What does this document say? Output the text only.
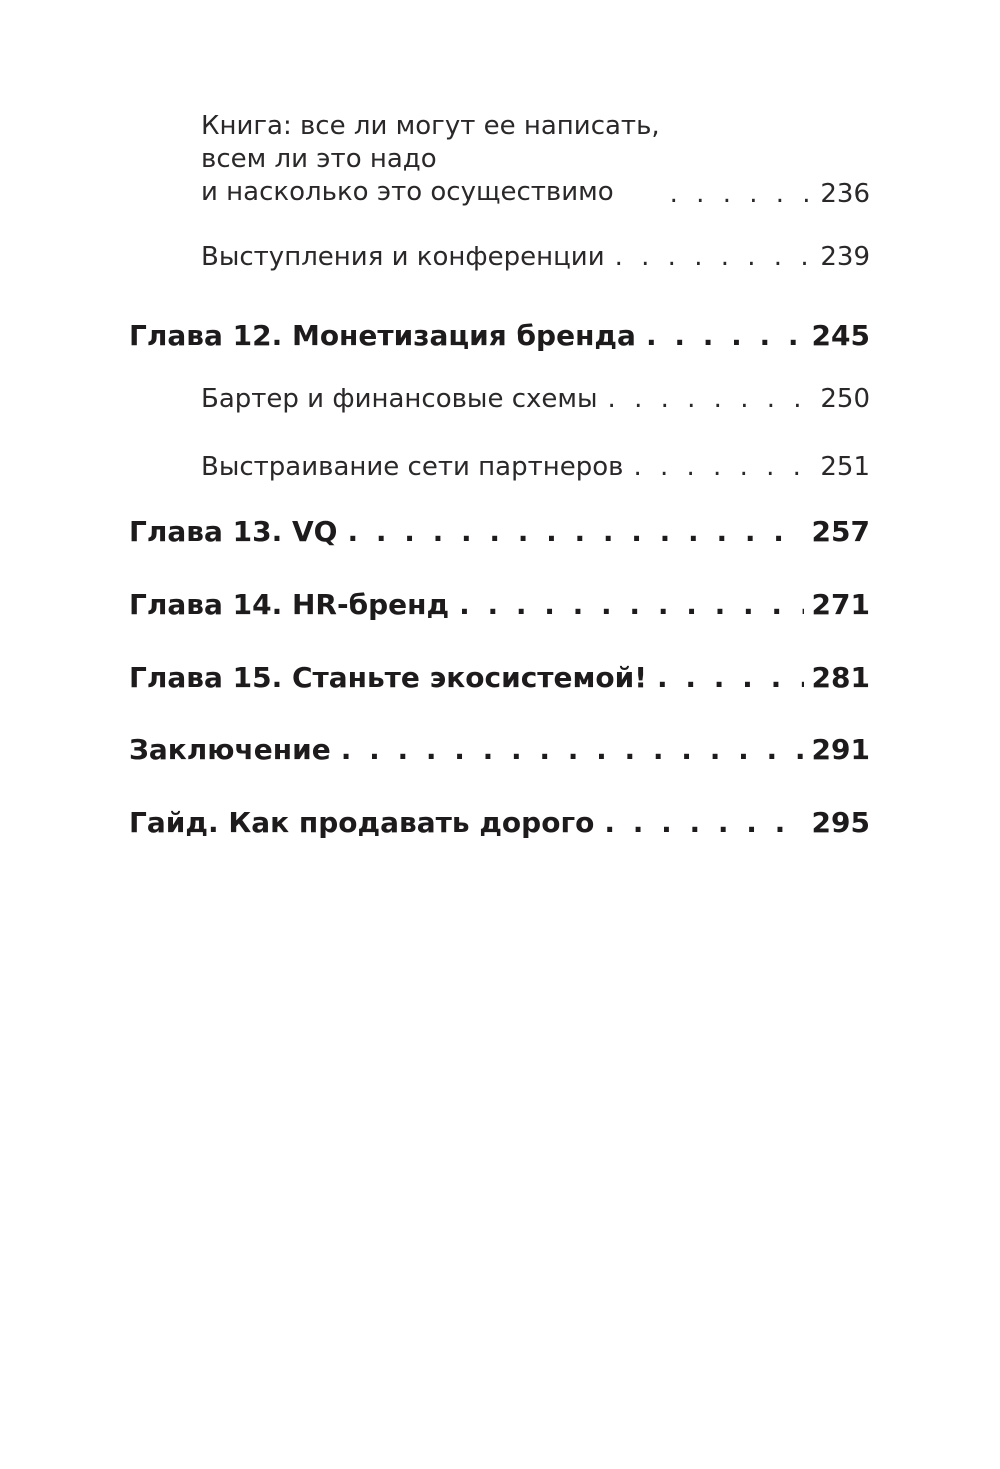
Книга: все ли могут ее написать,
всем ли это надо
и насколько это осуществимо . . .	236
Выступления и конференции . . .	239
Глава 12. Монетизация бренда . . .	245
Бартер и финансовые схемы . . .	250
Выстраивание сети партнеров . . .	251
Глава 13. VQ . . .	257
Глава 14. HR-бренд . . .	271
Глава 15. Станьте экосистемой! . . .	281
Заключение . . .	291
Гайд. Как продавать дорого . . .	295
